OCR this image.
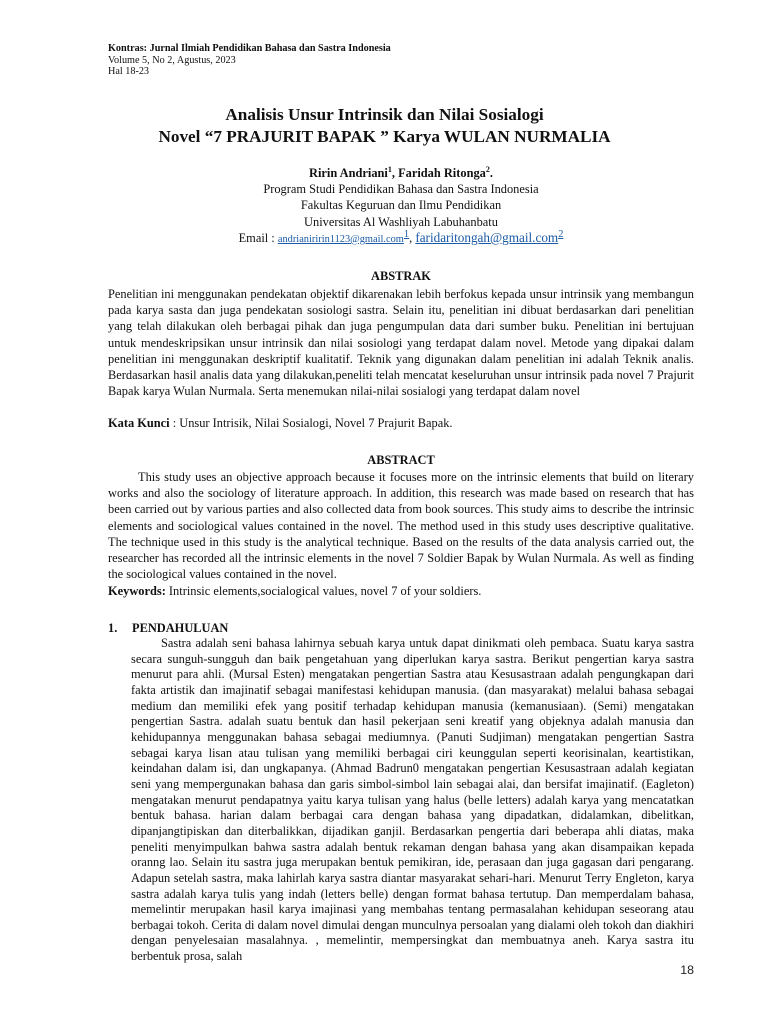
Kontras: Jurnal Ilmiah Pendidikan Bahasa dan Sastra Indonesia
Volume 5, No 2, Agustus, 2023
Hal 18-23
Analisis Unsur Intrinsik dan Nilai Sosialogi
Novel “7 PRAJURIT BAPAK ” Karya WULAN NURMALIA
Ririn Andriani$^1$, Faridah Ritonga$^2$.
Program Studi Pendidikan Bahasa dan Sastra Indonesia
Fakultas Keguruan dan Ilmu Pendidikan
Universitas Al Washliyah Labuhanbatu
Email : andrianiririn1123@gmail.com$^1$, faridaritongah@gmail.com$^2$
ABSTRAK

Penelitian ini menggunakan pendekatan objektif dikarenakan lebih berfokus kepada unsur intrinsik yang membangun pada karya sasta dan juga pendekatan sosiologi sastra. Selain itu, penelitian ini dibuat berdasarkan dari penelitian yang telah dilakukan oleh berbagai pihak dan juga pengumpulan data dari sumber buku. Penelitian ini bertujuan untuk mendeskripsikan unsur intrinsik dan nilai sosiologi yang terdapat dalam novel. Metode yang dipakai dalam penelitian ini menggunakan deskriptif kualitatif. Teknik yang digunakan dalam penelitian ini adalah Teknik analis. Berdasarkan hasil analis data yang dilakukan,peneliti telah mencatat keseluruhan unsur intrinsik pada novel 7 Prajurit Bapak karya Wulan Nurmala. Serta menemukan nilai-nilai sosialogi yang terdapat dalam novel

Kata Kunci : Unsur Intrisik, Nilai Sosialogi, Novel 7 Prajurit Bapak.
ABSTRACT

This study uses an objective approach because it focuses more on the intrinsic elements that build on literary works and also the sociology of literature approach. In addition, this research was made based on research that has been carried out by various parties and also collected data from book sources. This study aims to describe the intrinsic elements and sociological values contained in the novel. The method used in this study uses descriptive qualitative. The technique used in this study is the analytical technique. Based on the results of the data analysis carried out, the researcher has recorded all the intrinsic elements in the novel 7 Soldier Bapak by Wulan Nurmala. As well as finding the sociological values contained in the novel.

Keywords: Intrinsic elements,socialogical values, novel 7 of your soldiers.
1. PENDAHULUAN

Sastra adalah seni bahasa lahirnya sebuah karya untuk dapat dinikmati oleh pembaca. Suatu karya sastra secara sunguh-sungguh dan baik pengetahuan yang diperlukan karya sastra. Berikut pengertian karya sastra menurut para ahli. (Mursal Esten) mengatakan pengertian Sastra atau Kesusastraan adalah pengungkapan dari fakta artistik dan imajinatif sebagai manifestasi kehidupan manusia. (dan masyarakat) melalui bahasa sebagai medium dan memiliki efek yang positif terhadap kehidupan manusia (kemanusiaan). (Semi) mengatakan pengertian Sastra. adalah suatu bentuk dan hasil pekerjaan seni kreatif yang objeknya adalah manusia dan kehidupannya menggunakan bahasa sebagai mediumnya. (Panuti Sudjiman) mengatakan pengertian Sastra sebagai karya lisan atau tulisan yang memiliki berbagai ciri keunggulan seperti keorisinalan, keartistikan, keindahan dalam isi, dan ungkapanya. (Ahmad Badrun0 mengatakan pengertian Kesusastraan adalah kegiatan seni yang mempergunakan bahasa dan garis simbol-simbol lain sebagai alai, dan bersifat imajinatif. (Eagleton) mengatakan menurut pendapatnya yaitu karya tulisan yang halus (belle letters) adalah karya yang mencatatkan bentuk bahasa. harian dalam berbagai cara dengan bahasa yang dipadatkan, didalamkan, dibelitkan, dipanjangtipiskan dan diterbalikkan, dijadikan ganjil. Berdasarkan pengertia dari beberapa ahli diatas, maka peneliti menyimpulkan bahwa sastra adalah bentuk rekaman dengan bahasa yang akan disampaikan kepada oranng lao. Selain itu sastra juga merupakan bentuk pemikiran, ide, perasaan dan juga gagasan dari pengarang. Adapun setelah sastra, maka lahirlah karya sastra diantar masyarakat sehari-hari. Menurut Terry Engleton, karya sastra adalah karya tulis yang indah (letters belle) dengan format bahasa tertutup. Dan memperdalam bahasa, memelintir merupakan hasil karya imajinasi yang membahas tentang permasalahan kehidupan seseorang atau berbagai tokoh. Cerita di dalam novel dimulai dengan munculnya persoalan yang dialami oleh tokoh dan diakhiri dengan penyelesaian masalahnya. , memelintir, mempersingkat dan membuatnya aneh. Karya sastra itu berbentuk prosa, salah

18
